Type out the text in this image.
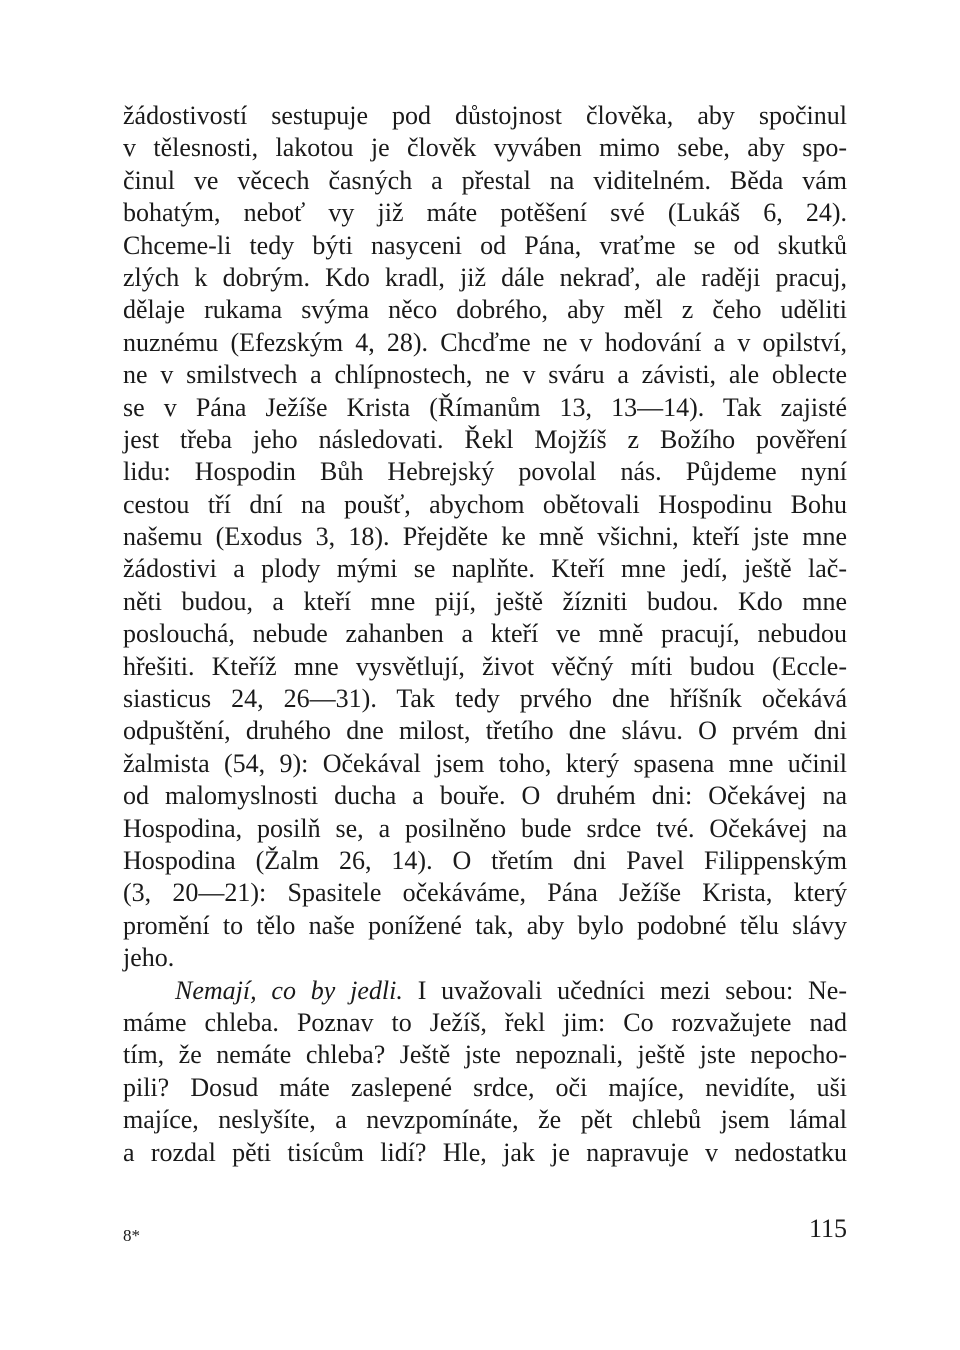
žádostivostí sestupuje pod důstojnost člověka, aby spočinul
v tělesnosti, lakotou je člověk vyváben mimo sebe, aby spo-
činul ve věcech časných a přestal na viditelném. Běda vám
bohatým, neboť vy již máte potěšení své (Lukáš 6, 24).
Chceme-li tedy býti nasyceni od Pána, vraťme se od skutků
zlých k dobrým. Kdo kradl, již dále nekraď, ale raději pracuj,
dělaje rukama svýma něco dobrého, aby měl z čeho uděliti
nuznému (Efezským 4, 28). Chcďme ne v hodování a v opilství,
ne v smilstvech a chlípnostech, ne v sváru a závisti, ale oblecte
se v Pána Ježíše Krista (Římanům 13, 13—14). Tak zajisté
jest třeba jeho následovati. Řekl Mojžíš z Božího pověření
lidu: Hospodin Bůh Hebrejský povolal nás. Půjdeme nyní
cestou tří dní na poušť, abychom obětovali Hospodinu Bohu
našemu (Exodus 3, 18). Přejděte ke mně všichni, kteří jste mne
žádostivi a plody mými se naplňte. Kteří mne jedí, ještě lač-
něti budou, a kteří mne pijí, ještě žízniti budou. Kdo mne
poslouchá, nebude zahanben a kteří ve mně pracují, nebudou
hřešiti. Kteříž mne vysvětlují, život věčný míti budou (Eccle-
siasticus 24, 26—31). Tak tedy prvého dne hříšník očekává
odpuštění, druhého dne milost, třetího dne slávu. O prvém dni
žalmista (54, 9): Očekával jsem toho, který spasena mne učinil
od malomyslnosti ducha a bouře. O druhém dni: Očekávej na
Hospodina, posilň se, a posilněno bude srdce tvé. Očekávej na
Hospodina (Žalm 26, 14). O třetím dni Pavel Filippenským
(3, 20—21): Spasitele očekáváme, Pána Ježíše Krista, který
promění to tělo naše ponížené tak, aby bylo podobné tělu slávy
jeho.
Nemají, co by jedli. I uvažovali učedníci mezi sebou: Ne-
máme chleba. Poznav to Ježíš, řekl jim: Co rozvažujete nad
tím, že nemáte chleba? Ještě jste nepoznali, ještě jste nepocho-
pili? Dosud máte zaslepené srdce, oči majíce, nevidíte, uši
majíce, neslyšíte, a nevzpomínáte, že pět chlebů jsem lámal
a rozdal pěti tisícům lidí? Hle, jak je napravuje v nedostatku
8*	115
